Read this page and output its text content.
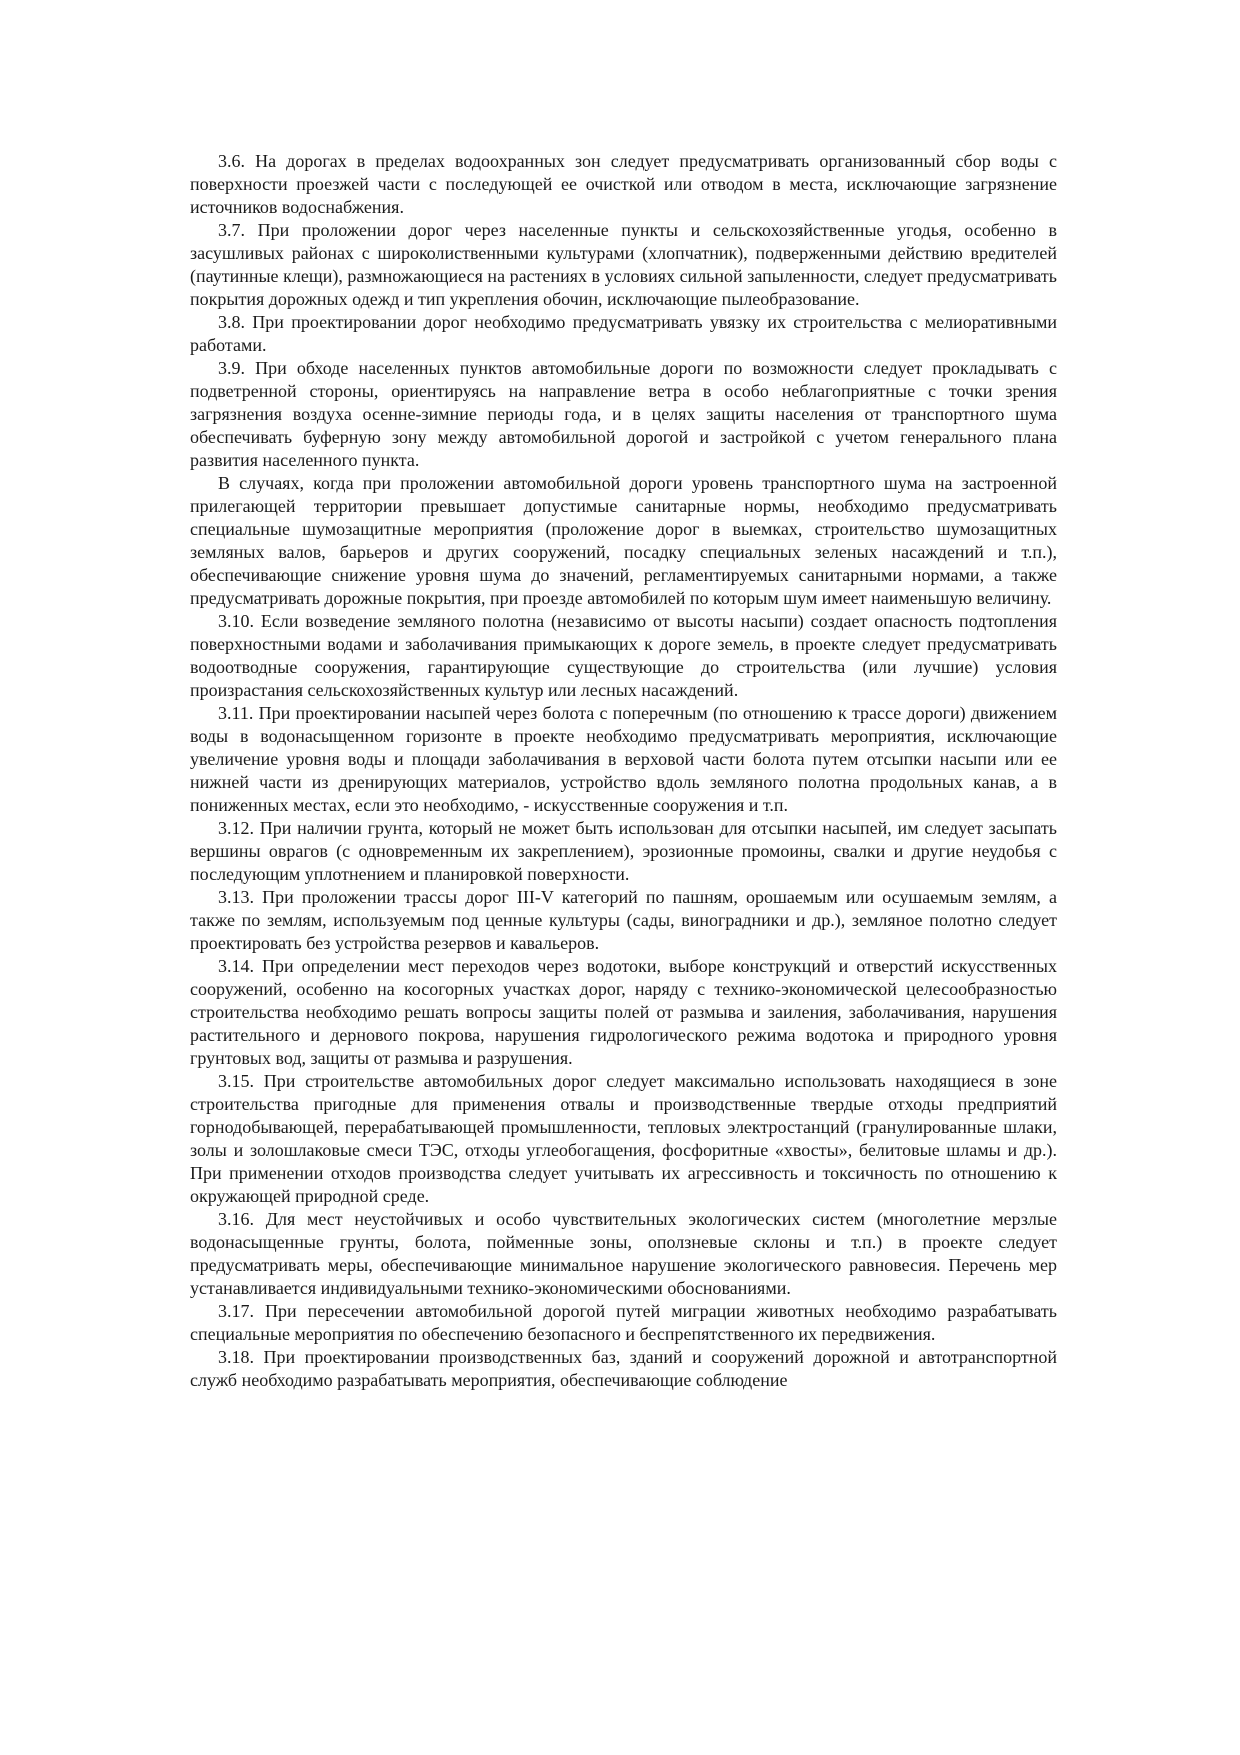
3.6. На дорогах в пределах водоохранных зон следует предусматривать организованный сбор воды с поверхности проезжей части с последующей ее очисткой или отводом в места, исключающие загрязнение источников водоснабжения.

3.7. При проложении дорог через населенные пункты и сельскохозяйственные угодья, особенно в засушливых районах с широколиственными культурами (хлопчатник), подверженными действию вредителей (паутинные клещи), размножающиеся на растениях в условиях сильной запыленности, следует предусматривать покрытия дорожных одежд и тип укрепления обочин, исключающие пылеобразование.

3.8. При проектировании дорог необходимо предусматривать увязку их строительства с мелиоративными работами.

3.9. При обходе населенных пунктов автомобильные дороги по возможности следует прокладывать с подветренной стороны, ориентируясь на направление ветра в особо неблагоприятные с точки зрения загрязнения воздуха осенне-зимние периоды года, и в целях защиты населения от транспортного шума обеспечивать буферную зону между автомобильной дорогой и застройкой с учетом генерального плана развития населенного пункта.

В случаях, когда при проложении автомобильной дороги уровень транспортного шума на застроенной прилегающей территории превышает допустимые санитарные нормы, необходимо предусматривать специальные шумозащитные мероприятия (проложение дорог в выемках, строительство шумозащитных земляных валов, барьеров и других сооружений, посадку специальных зеленых насаждений и т.п.), обеспечивающие снижение уровня шума до значений, регламентируемых санитарными нормами, а также предусматривать дорожные покрытия, при проезде автомобилей по которым шум имеет наименьшую величину.

3.10. Если возведение земляного полотна (независимо от высоты насыпи) создает опасность подтопления поверхностными водами и заболачивания примыкающих к дороге земель, в проекте следует предусматривать водоотводные сооружения, гарантирующие существующие до строительства (или лучшие) условия произрастания сельскохозяйственных культур или лесных насаждений.

3.11. При проектировании насыпей через болота с поперечным (по отношению к трассе дороги) движением воды в водонасыщенном горизонте в проекте необходимо предусматривать мероприятия, исключающие увеличение уровня воды и площади заболачивания в верховой части болота путем отсыпки насыпи или ее нижней части из дренирующих материалов, устройство вдоль земляного полотна продольных канав, а в пониженных местах, если это необходимо, - искусственные сооружения и т.п.

3.12. При наличии грунта, который не может быть использован для отсыпки насыпей, им следует засыпать вершины оврагов (с одновременным их закреплением), эрозионные промоины, свалки и другие неудобья с последующим уплотнением и планировкой поверхности.

3.13. При проложении трассы дорог III-V категорий по пашням, орошаемым или осушаемым землям, а также по землям, используемым под ценные культуры (сады, виноградники и др.), земляное полотно следует проектировать без устройства резервов и кавальеров.

3.14. При определении мест переходов через водотоки, выборе конструкций и отверстий искусственных сооружений, особенно на косогорных участках дорог, наряду с технико-экономической целесообразностью строительства необходимо решать вопросы защиты полей от размыва и заиления, заболачивания, нарушения растительного и дернового покрова, нарушения гидрологического режима водотока и природного уровня грунтовых вод, защиты от размыва и разрушения.

3.15. При строительстве автомобильных дорог следует максимально использовать находящиеся в зоне строительства пригодные для применения отвалы и производственные твердые отходы предприятий горнодобывающей, перерабатывающей промышленности, тепловых электростанций (гранулированные шлаки, золы и золошлаковые смеси ТЭС, отходы углеобогащения, фосфоритные «хвосты», белитовые шламы и др.). При применении отходов производства следует учитывать их агрессивность и токсичность по отношению к окружающей природной среде.

3.16. Для мест неустойчивых и особо чувствительных экологических систем (многолетние мерзлые водонасыщенные грунты, болота, пойменные зоны, оползневые склоны и т.п.) в проекте следует предусматривать меры, обеспечивающие минимальное нарушение экологического равновесия. Перечень мер устанавливается индивидуальными технико-экономическими обоснованиями.

3.17. При пересечении автомобильной дорогой путей миграции животных необходимо разрабатывать специальные мероприятия по обеспечению безопасного и беспрепятственного их передвижения.

3.18. При проектировании производственных баз, зданий и сооружений дорожной и автотранспортной служб необходимо разрабатывать мероприятия, обеспечивающие соблюдение
